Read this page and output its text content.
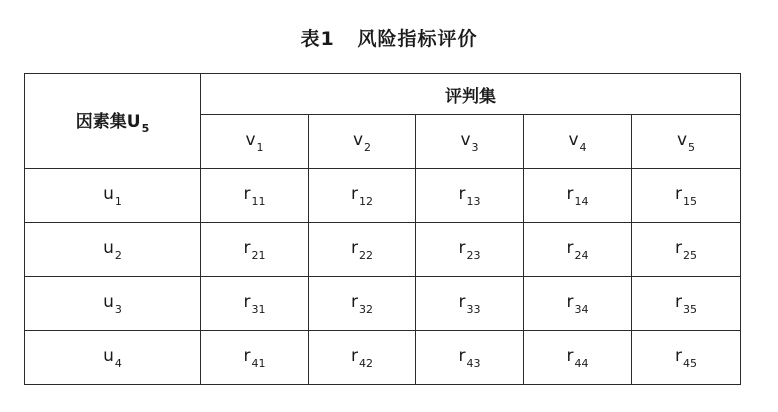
表1   风险指标评价
因素集$U_5$	评判集				
	$v_1$	$v_2$	$v_3$	$v_4$	$v_5$
$u_1$	$r_{11}$	$r_{12}$	$r_{13}$	$r_{14}$	$r_{15}$
$u_2$	$r_{21}$	$r_{22}$	$r_{23}$	$r_{24}$	$r_{25}$
$u_3$	$r_{31}$	$r_{32}$	$r_{33}$	$r_{34}$	$r_{35}$
$u_4$	$r_{41}$	$r_{42}$	$r_{43}$	$r_{44}$	$r_{45}$
